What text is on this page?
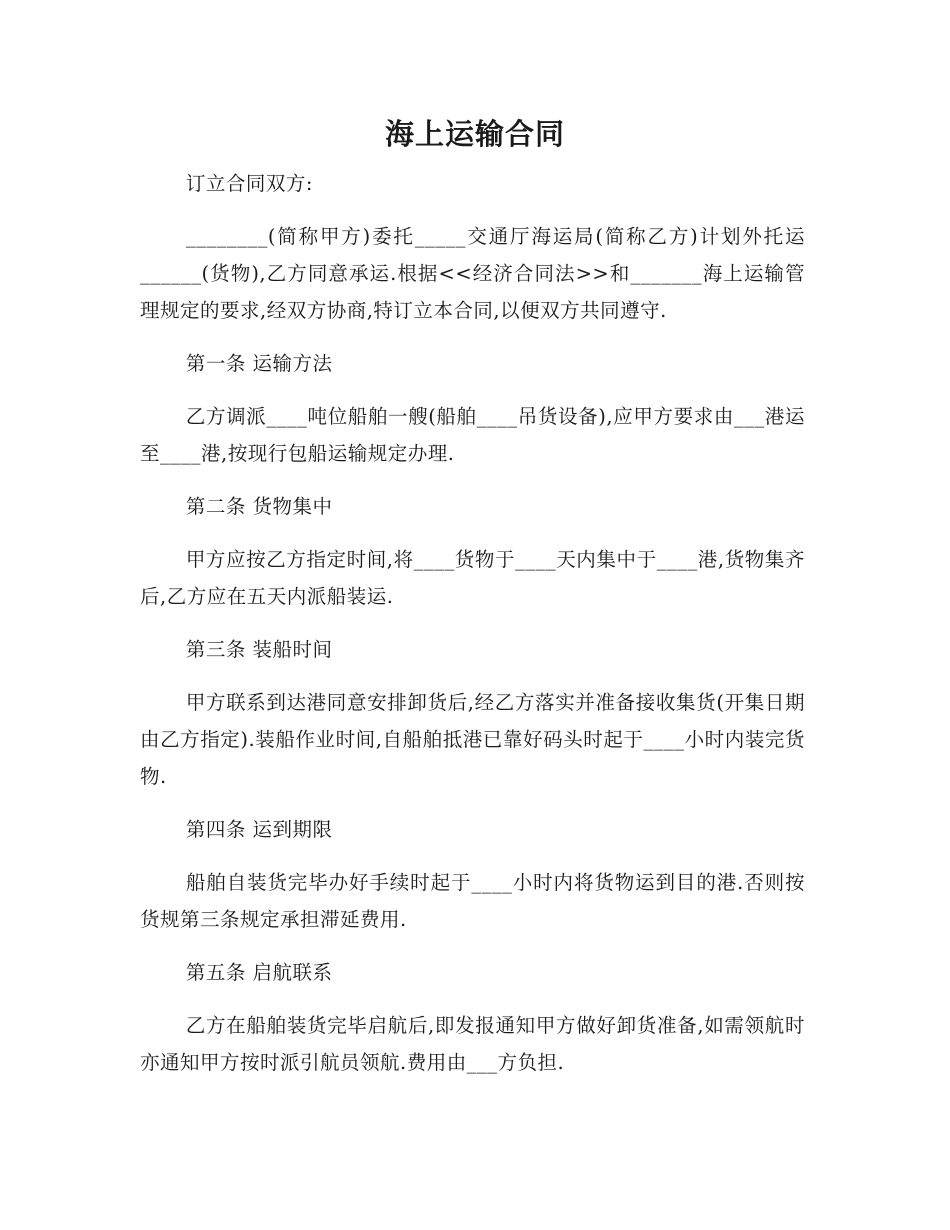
海上运输合同

订立合同双方:

________(简称甲方)委托_____交通厅海运局(简称乙方)计划外托运______(货物),乙方同意承运.根据<<经济合同法>>和_______海上运输管理规定的要求,经双方协商,特订立本合同,以便双方共同遵守.

第一条 运输方法

乙方调派____吨位船舶一艘(船舶____吊货设备),应甲方要求由___港运至____港,按现行包船运输规定办理.

第二条 货物集中

甲方应按乙方指定时间,将____货物于____天内集中于____港,货物集齐后,乙方应在五天内派船装运.

第三条 装船时间

甲方联系到达港同意安排卸货后,经乙方落实并准备接收集货(开集日期由乙方指定).装船作业时间,自船舶抵港已靠好码头时起于____小时内装完货物.

第四条 运到期限

船舶自装货完毕办好手续时起于____小时内将货物运到目的港.否则按货规第三条规定承担滞延费用.

第五条 启航联系

乙方在船舶装货完毕启航后,即发报通知甲方做好卸货准备,如需领航时亦通知甲方按时派引航员领航.费用由___方负担.
